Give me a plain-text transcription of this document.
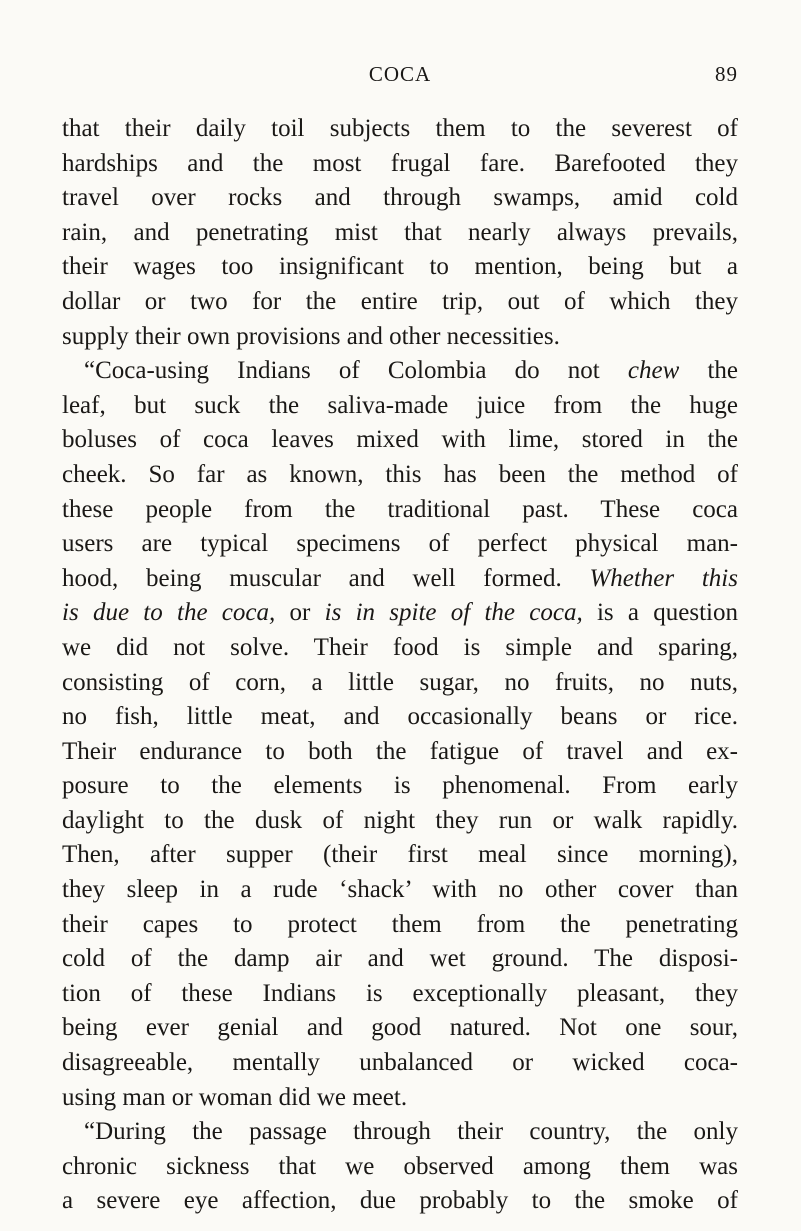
COCA	89
that their daily toil subjects them to the severest of
hardships and the most frugal fare. Barefooted they
travel over rocks and through swamps, amid cold
rain, and penetrating mist that nearly always prevails,
their wages too insignificant to mention, being but a
dollar or two for the entire trip, out of which they
supply their own provisions and other necessities.
“Coca-using Indians of Colombia do not chew the
leaf, but suck the saliva-made juice from the huge
boluses of coca leaves mixed with lime, stored in the
cheek. So far as known, this has been the method of
these people from the traditional past. These coca
users are typical specimens of perfect physical man-
hood, being muscular and well formed. Whether this
is due to the coca, or is in spite of the coca, is a question
we did not solve. Their food is simple and sparing,
consisting of corn, a little sugar, no fruits, no nuts,
no fish, little meat, and occasionally beans or rice.
Their endurance to both the fatigue of travel and ex-
posure to the elements is phenomenal. From early
daylight to the dusk of night they run or walk rapidly.
Then, after supper (their first meal since morning),
they sleep in a rude ‘shack’ with no other cover than
their capes to protect them from the penetrating
cold of the damp air and wet ground. The disposi-
tion of these Indians is exceptionally pleasant, they
being ever genial and good natured. Not one sour,
disagreeable, mentally unbalanced or wicked coca-
using man or woman did we meet.
“During the passage through their country, the only
chronic sickness that we observed among them was
a severe eye affection, due probably to the smoke of
